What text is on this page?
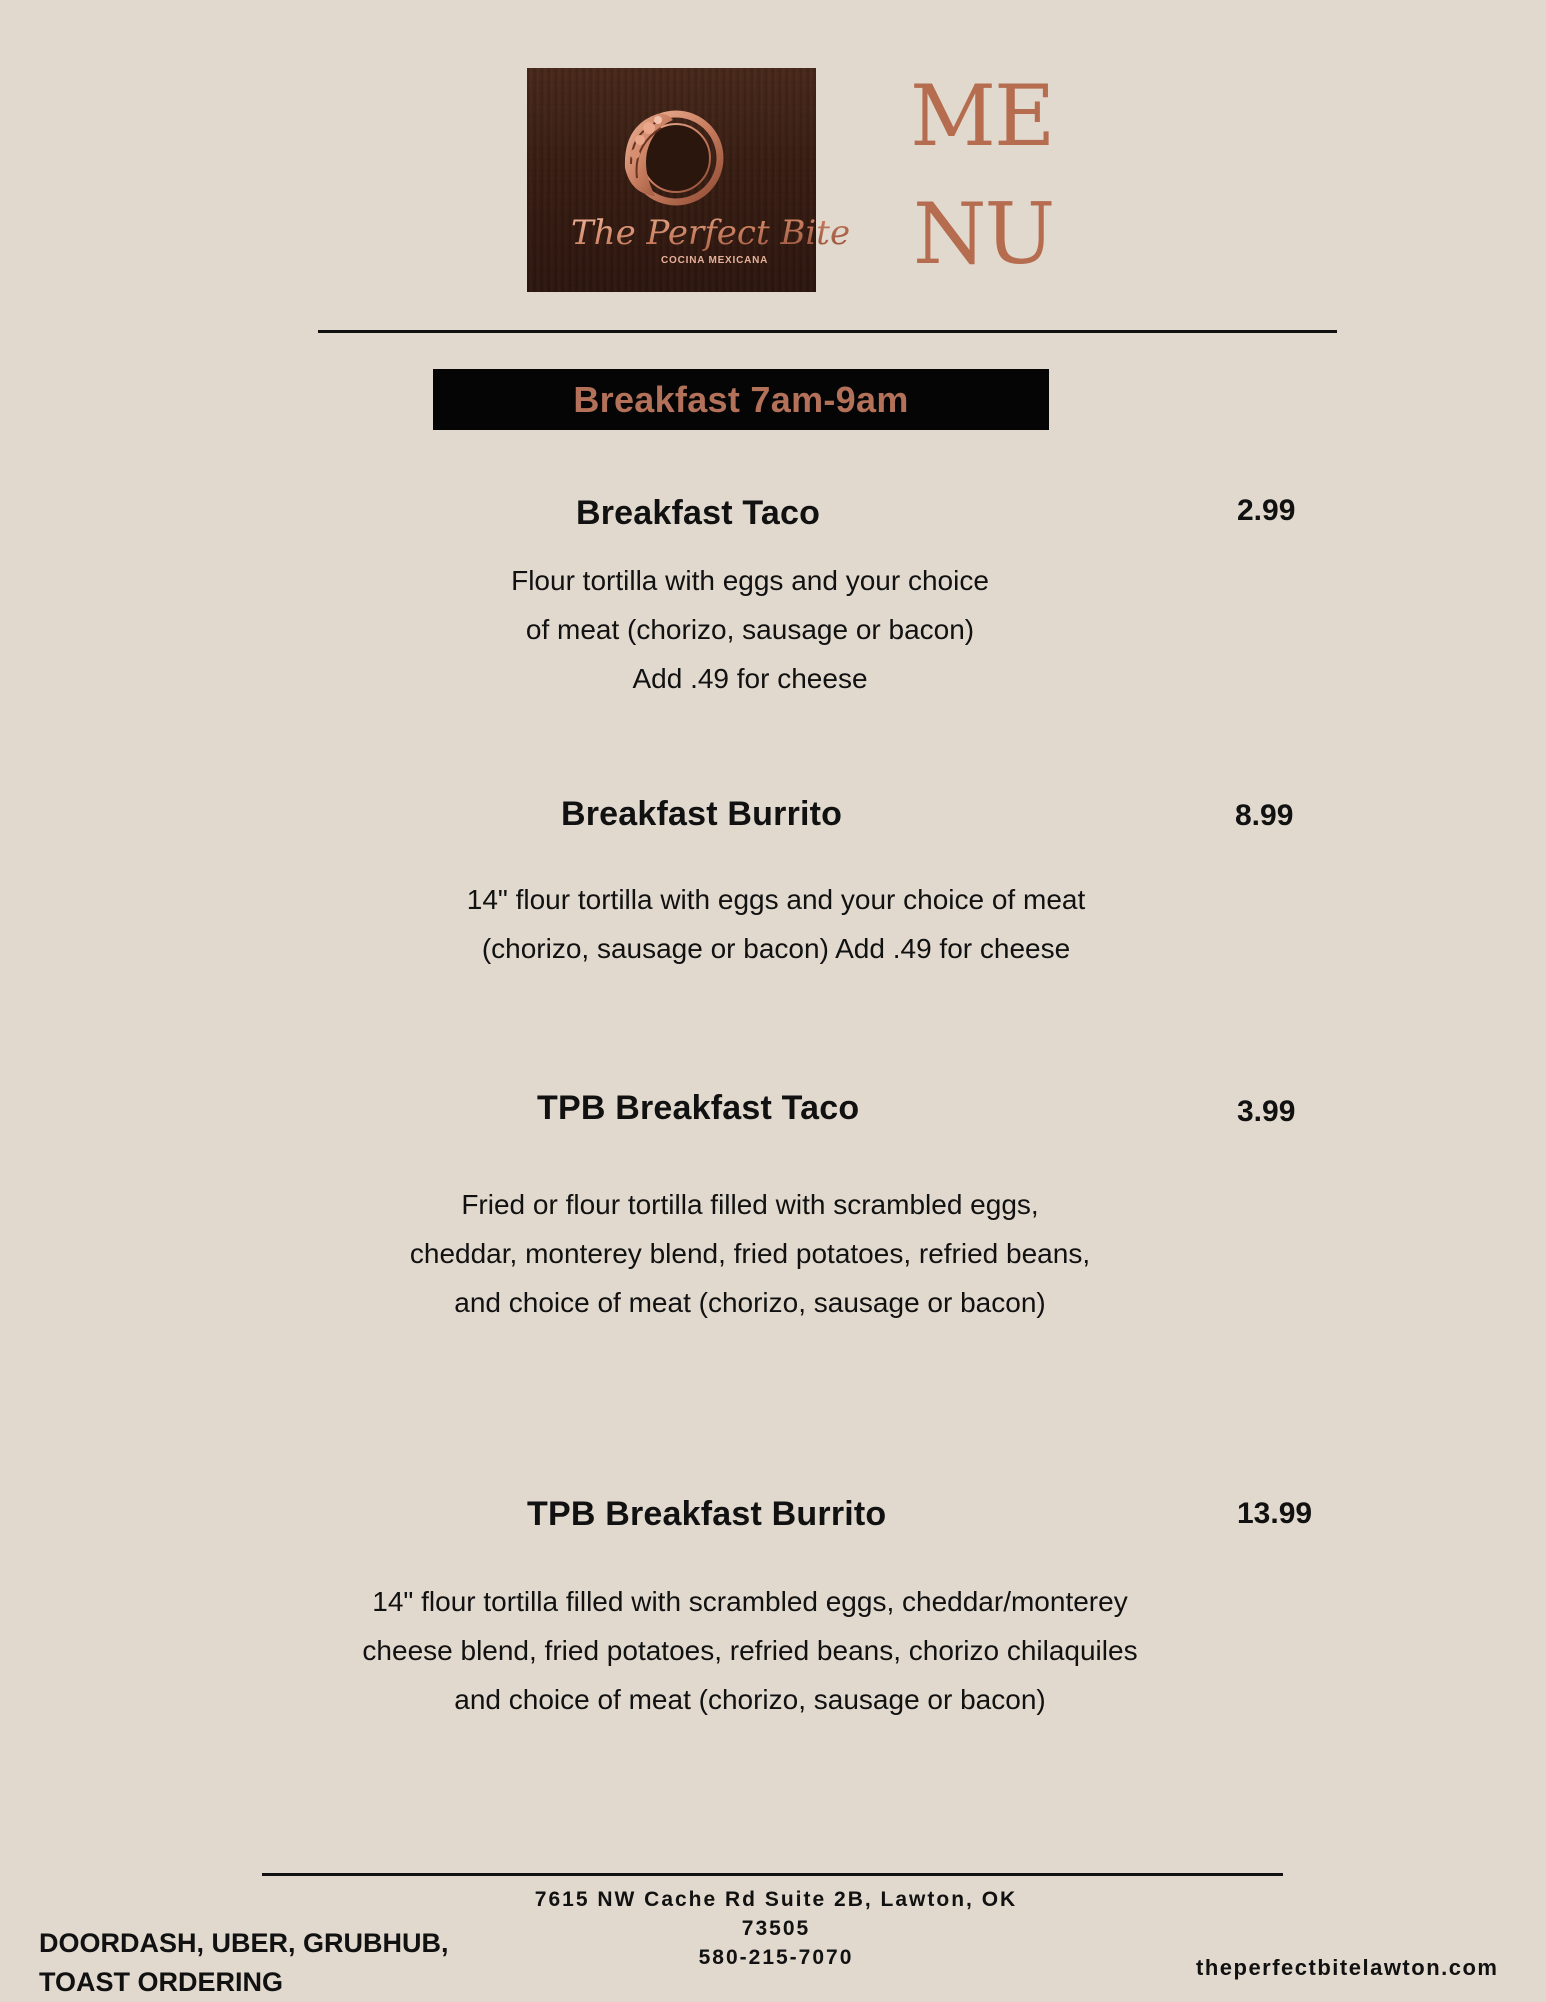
The Perfect Bite
COCINA MEXICANA
ME
NU
Breakfast 7am-9am
Breakfast Taco	2.99
Flour tortilla with eggs and your choice
of meat (chorizo, sausage or bacon)
Add .49 for cheese
Breakfast Burrito	8.99
14" flour tortilla with eggs and your choice of meat
(chorizo, sausage or bacon) Add .49 for cheese
TPB Breakfast Taco	3.99
Fried or flour tortilla filled with scrambled eggs,
cheddar, monterey blend, fried potatoes, refried beans,
and choice of meat (chorizo, sausage or bacon)
TPB Breakfast Burrito	13.99
14" flour tortilla filled with scrambled eggs, cheddar/monterey
cheese blend, fried potatoes, refried beans, chorizo chilaquiles
and choice of meat (chorizo, sausage or bacon)
7615 NW Cache Rd Suite 2B, Lawton, OK
73505
580-215-7070
DOORDASH, UBER, GRUBHUB,
TOAST ORDERING	theperfectbitelawton.com
